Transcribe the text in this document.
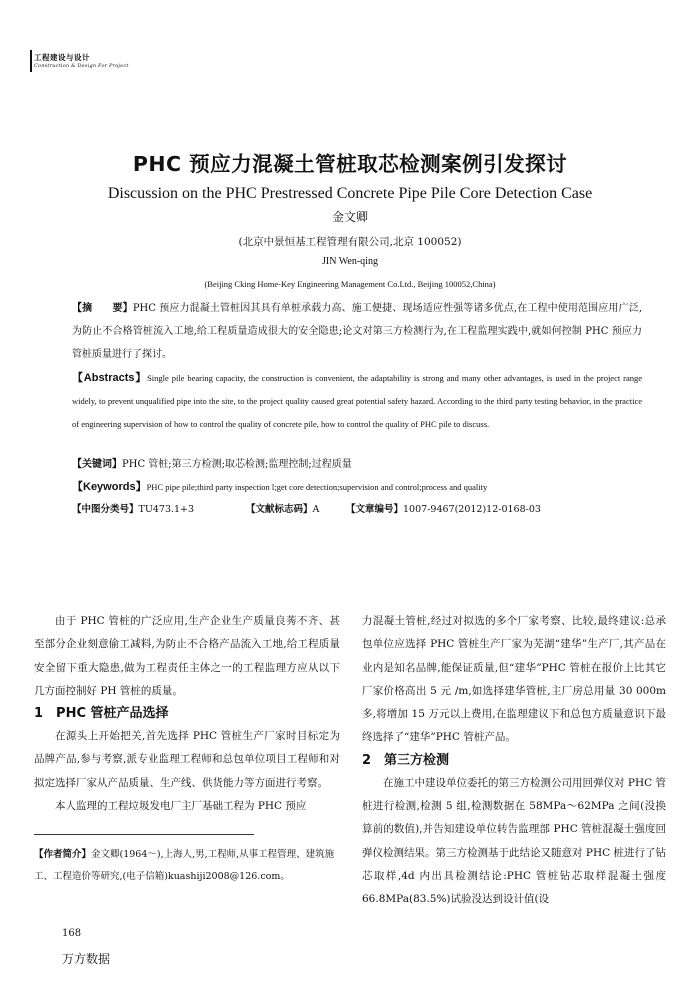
工程建设与设计
Construction & Design For Project
PHC 预应力混凝土管桩取芯检测案例引发探讨
Discussion on the PHC Prestressed Concrete Pipe Pile Core Detection Case
金文卿
(北京中景恒基工程管理有限公司,北京 100052)
JIN Wen-qing
(Beijing Cking Home-Key Engineering Management Co.Ltd., Beijing 100052,China)
【摘　　要】PHC 预应力混凝土管桩因其具有单桩承载力高、施工便捷、现场适应性强等诸多优点,在工程中使用范围应用广泛,为防止不合格管桩流入工地,给工程质量造成很大的安全隐患;论文对第三方检测行为,在工程监理实践中,就如何控制 PHC 预应力管桩质量进行了探讨。
【Abstracts】Single pile bearing capacity, the construction is convenient, the adaptability is strong and many other advantages, is used in the project range widely, to prevent unqualified pipe into the site, to the project quality caused great potential safety hazard. According to the third party testing behavior, in the practice of engineering supervision of how to control the quality of concrete pile, how to control the quality of PHC pile to discuss.
【关键词】PHC 管桩;第三方检测;取芯检测;监理控制;过程质量
【Keywords】PHC pipe pile;third party inspection l;get core detection;supervision and control;process and quality
【中图分类号】TU473.1+3	【文献标志码】A	【文章编号】1007-9467(2012)12-0168-03

由于 PHC 管桩的广泛应用,生产企业生产质量良莠不齐、甚至部分企业刻意偷工减料,为防止不合格产品流入工地,给工程质量安全留下重大隐患,做为工程责任主体之一的工程监理方应从以下几方面控制好 PH 管桩的质量。

1　PHC 管桩产品选择

在源头上开始把关,首先选择 PHC 管桩生产厂家时目标定为品牌产品,参与考察,派专业监理工程师和总包单位项目工程师和对拟定选择厂家从产品质量、生产线、供货能力等方面进行考察。

本人监理的工程垃圾发电厂主厂基础工程为 PHC 预应

力混凝土管桩,经过对拟选的多个厂家考察、比较,最终建议:总承包单位应选择 PHC 管桩生产厂家为芜湖“建华”生产厂,其产品在业内是知名品牌,能保证质量,但“建华”PHC 管桩在报价上比其它厂家价格高出 5 元 /m,如选择建华管桩,主厂房总用量 30 000m 多,将增加 15 万元以上费用,在监理建议下和总包方质量意识下最终选择了“建华”PHC 管桩产品。

2　第三方检测

在施工中建设单位委托的第三方检测公司用回弹仪对 PHC 管桩进行检测,检测 5 组,检测数据在 58MPa～62MPa 之间(没换算前的数值),并告知建设单位转告监理部 PHC 管桩混凝土强度回弹仪检测结果。第三方检测基于此结论又随意对 PHC 桩进行了钻芯取样,4d 内出具检测结论:PHC 管桩钻芯取样混凝土强度 66.8MPa(83.5%)试验没达到设计值(设

【作者简介】金文卿(1964～),上海人,男,工程师,从事工程管理、建筑施工、工程造价等研究,(电子信箱)kuashiji2008@126.com。
168
万方数据
